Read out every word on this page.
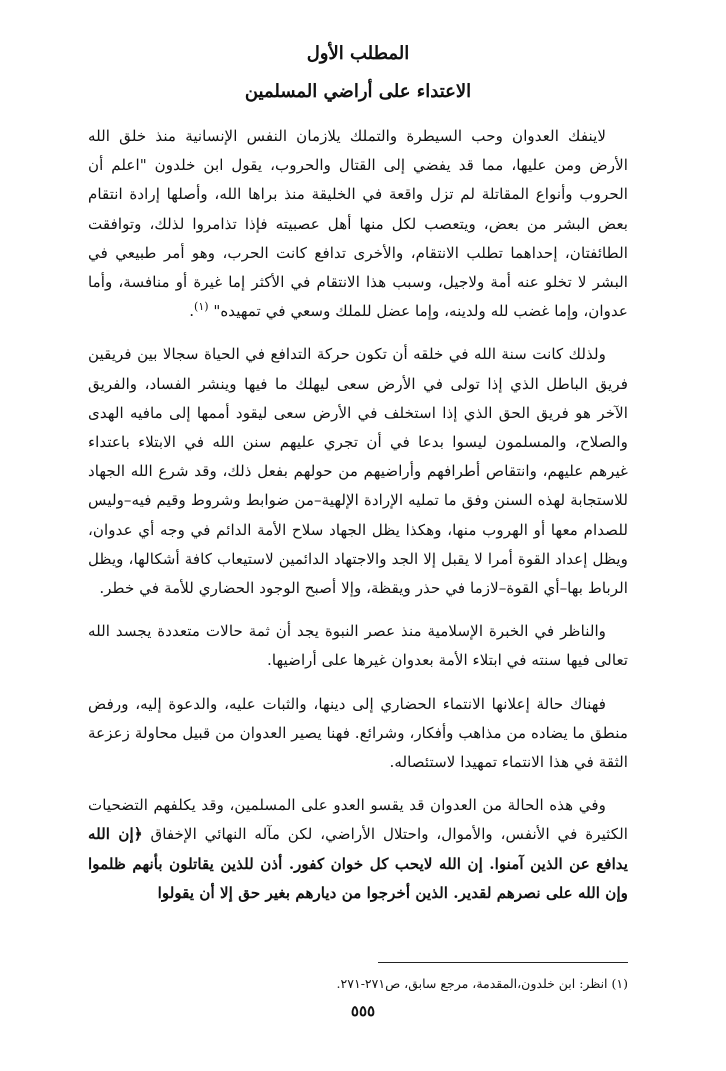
المطلب الأول
الاعتداء على أراضي المسلمين

لاينفك العدوان وحب السيطرة والتملك يلازمان النفس الإنسانية منذ خلق الله الأرض ومن عليها، مما قد يفضي إلى القتال والحروب، يقول ابن خلدون "اعلم أن الحروب وأنواع المقاتلة لم تزل واقعة في الخليقة منذ براها الله، وأصلها إرادة انتقام بعض البشر من بعض، ويتعصب لكل منها أهل عصبيته فإذا تذامروا لذلك، وتوافقت الطائفتان، إحداهما تطلب الانتقام، والأخرى تدافع كانت الحرب، وهو أمر طبيعي في البشر لا تخلو عنه أمة ولاجيل، وسبب هذا الانتقام في الأكثر إما غيرة أو منافسة، وأما عدوان، وإما غضب لله ولدينه، وإما عضل للملك وسعي في تمهيده" $^{(١)}$.

ولذلك كانت سنة الله في خلقه أن تكون حركة التدافع في الحياة سجالا بين فريقين فريق الباطل الذي إذا تولى في الأرض سعى ليهلك ما فيها وينشر الفساد، والفريق الآخر هو فريق الحق الذي إذا استخلف في الأرض سعى ليقود أممها إلى مافيه الهدى والصلاح، والمسلمون ليسوا بدعا في أن تجري عليهم سنن الله في الابتلاء باعتداء غيرهم عليهم، وانتقاص أطرافهم وأراضيهم من حولهم بفعل ذلك، وقد شرع الله الجهاد للاستجابة لهذه السنن وفق ما تمليه الإرادة الإلهية–من ضوابط وشروط وقيم فيه–وليس للصدام معها أو الهروب منها، وهكذا يظل الجهاد سلاح الأمة الدائم في وجه أي عدوان، ويظل إعداد القوة أمرا لا يقبل إلا الجد والاجتهاد الدائمين لاستيعاب كافة أشكالها، ويظل الرباط بها–أي القوة–لازما في حذر ويقظة، وإلا أصبح الوجود الحضاري للأمة في خطر.

والناظر في الخبرة الإسلامية منذ عصر النبوة يجد أن ثمة حالات متعددة يجسد الله تعالى فيها سنته في ابتلاء الأمة بعدوان غيرها على أراضيها.

فهناك حالة إعلانها الانتماء الحضاري إلى دينها، والثبات عليه، والدعوة إليه، ورفض منطق ما يضاده من مذاهب وأفكار، وشرائع. فهنا يصير العدوان من قبيل محاولة زعزعة الثقة في هذا الانتماء تمهيدا لاستئصاله.

وفي هذه الحالة من العدوان قد يقسو العدو على المسلمين، وقد يكلفهم التضحيات الكثيرة في الأنفس، والأموال، واحتلال الأراضي، لكن مآله النهائي الإخفاق ﴿إن الله يدافع عن الذين آمنوا. إن الله لايحب كل خوان كفور. أذن للذين يقاتلون بأنهم ظلموا وإن الله على نصرهم لقدير. الذين أخرجوا من ديارهم بغير حق إلا أن يقولوا

(١) انظر: ابن خلدون،المقدمة، مرجع سابق، ص٢٧١-٢٧١.
٥٥٥
